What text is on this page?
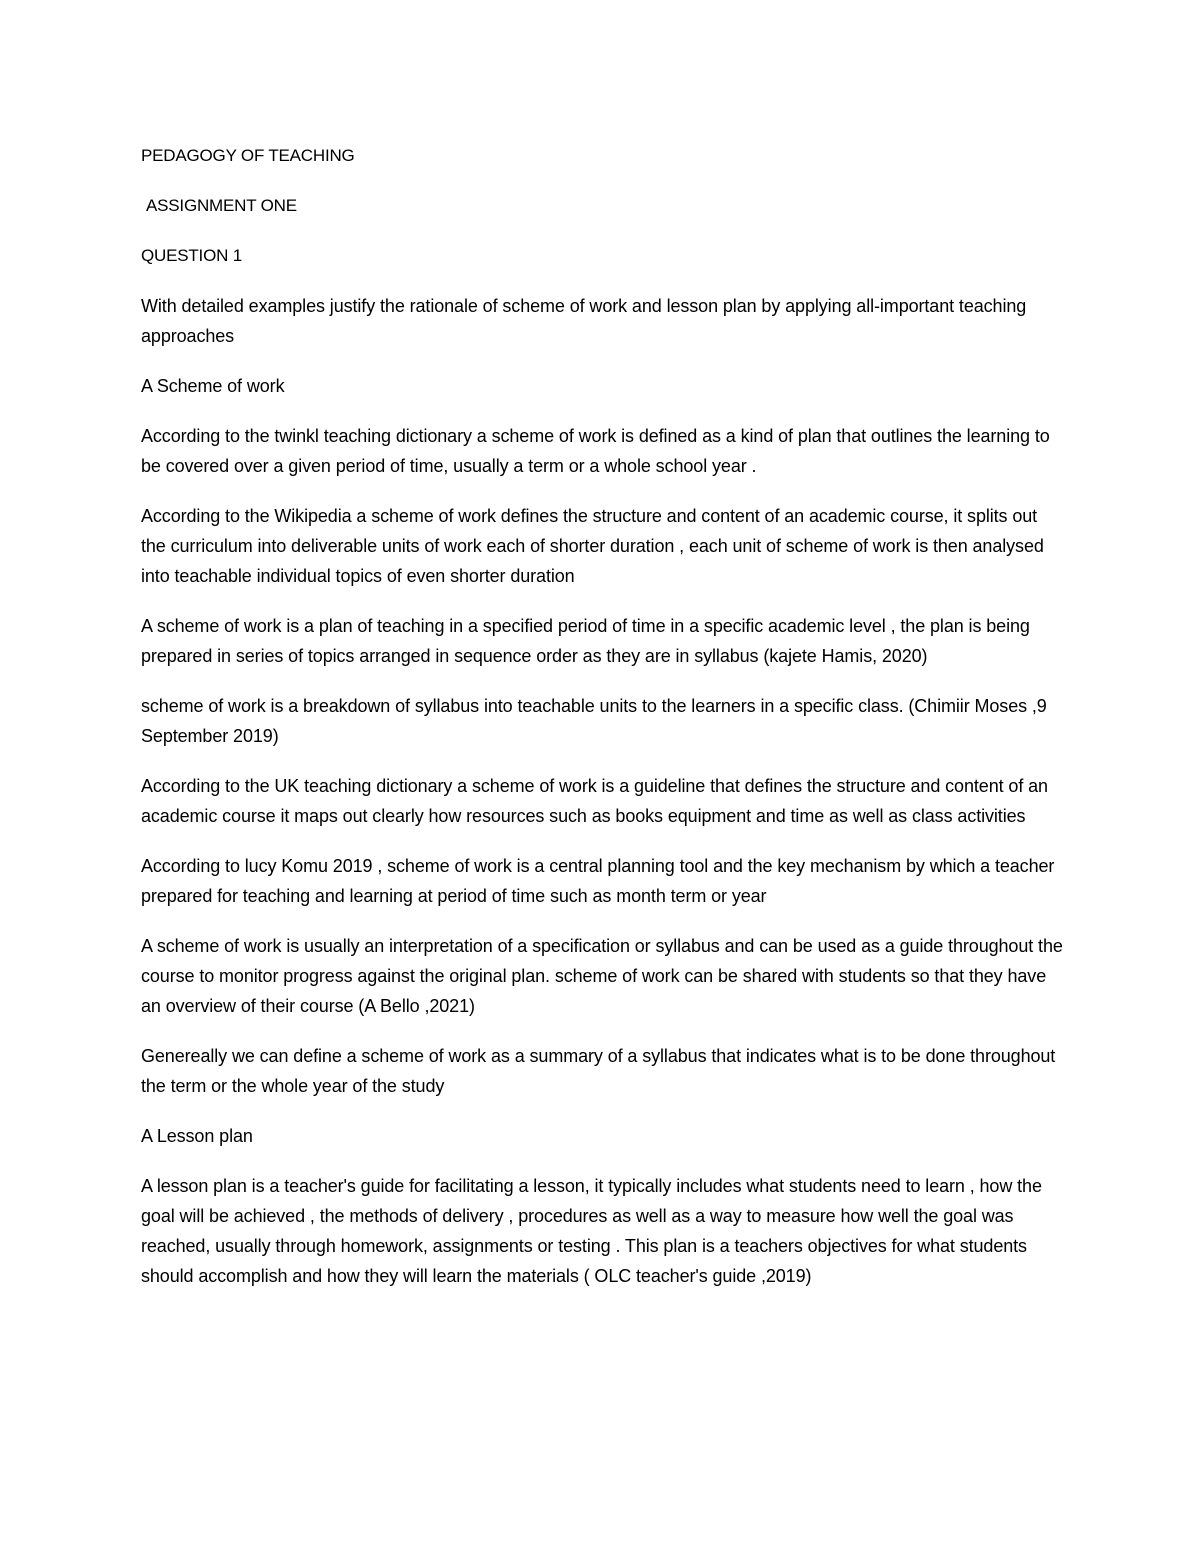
PEDAGOGY OF TEACHING

ASSIGNMENT ONE

QUESTION 1

With detailed examples justify the rationale of scheme of work and lesson plan by applying all-important teaching approaches

A Scheme of work

According to the twinkl teaching dictionary a scheme of work is defined as a kind of plan that outlines the learning to be covered over a given period of time, usually a term or a whole school year .

According to the Wikipedia a scheme of work defines the structure and content of an academic course, it splits out the curriculum into deliverable units of work each of shorter duration , each unit of scheme of work is then analysed into teachable individual topics of even shorter duration

A scheme of work is a plan of teaching in a specified period of time in a specific academic level , the plan is being prepared in series of topics arranged in sequence order as they are in syllabus (kajete Hamis, 2020)

scheme of work is a breakdown of syllabus into teachable units to the learners in a specific class. (Chimiir Moses ,9 September 2019)

According to the UK teaching dictionary a scheme of work is a guideline that defines the structure and content of an academic course it maps out clearly how resources such as books equipment and time as well as class activities

According to lucy Komu 2019 , scheme of work is a central planning tool and the key mechanism by which a teacher prepared for teaching and learning at period of time such as month term or year

A scheme of work is usually an interpretation of a specification or syllabus and can be used as a guide throughout the course to monitor progress against the original plan. scheme of work can be shared with students so that they have an overview of their course (A Bello ,2021)

Genereally we can define a scheme of work as a summary of a syllabus that indicates what is to be done throughout the term or the whole year of the study

A Lesson plan

A lesson plan is a teacher's guide for facilitating a lesson, it typically includes what students need to learn , how the goal will be achieved , the methods of delivery , procedures as well as a way to measure how well the goal was reached, usually through homework, assignments or testing . This plan is a teachers objectives for what students should accomplish and how they will learn the materials ( OLC teacher's guide ,2019)
